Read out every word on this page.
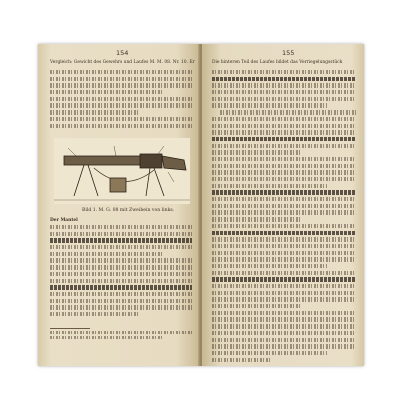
154
Vergleich: Gewicht des Gewehrs und Laufes M. M. 08. Nr. 10. Er
Bild 1. M. G. 08 mit Zweibein von links.
Der Mantel
155
Die hinteren Teil des Laufes bildet das Verriegelungsstück
